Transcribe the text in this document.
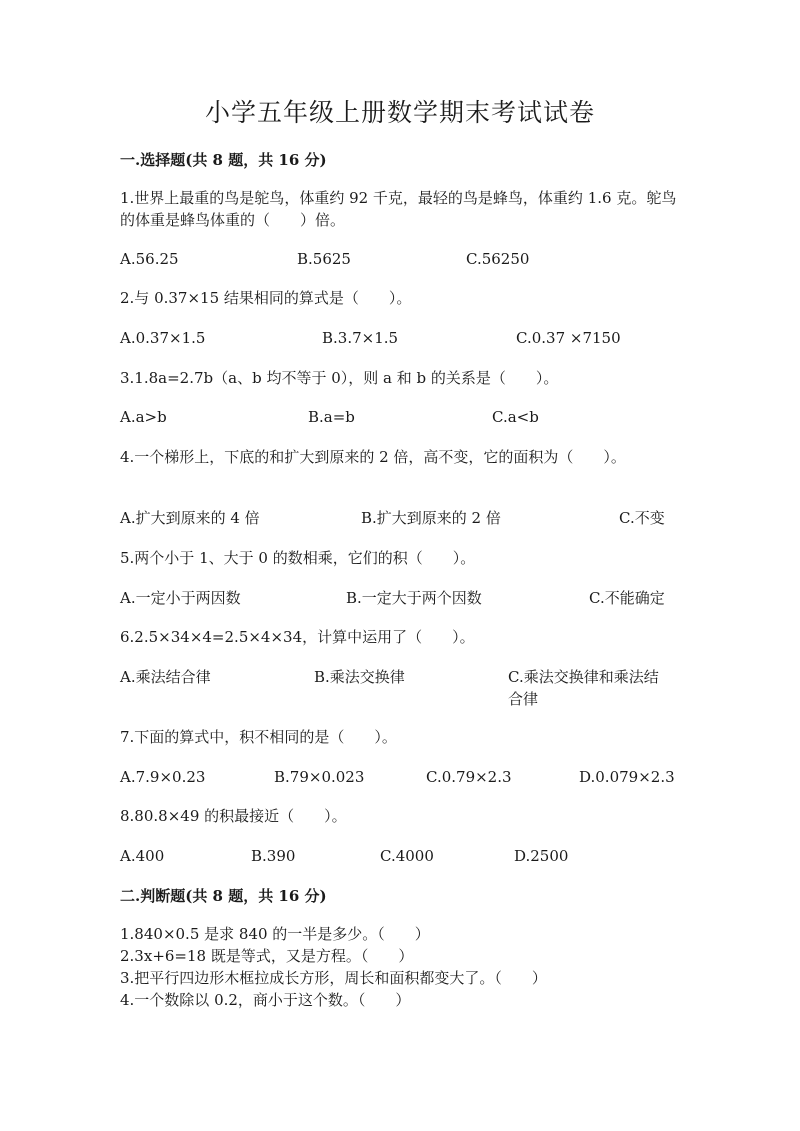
小学五年级上册数学期末考试试卷
一.选择题(共 8 题，共 16 分)
1.世界上最重的鸟是鸵鸟，体重约 92 千克，最轻的鸟是蜂鸟，体重约 1.6 克。鸵鸟的体重是蜂鸟体重的（　　）倍。
A.56.25	B.5625	C.56250
2.与 0.37×15 结果相同的算式是（　　）。
A.0.37×1.5	B.3.7×1.5	C.0.37 ×7150
3.1.8a=2.7b（a、b 均不等于 0），则 a 和 b 的关系是（　　）。
A.a>b	B.a=b	C.a<b
4.一个梯形上，下底的和扩大到原来的 2 倍，高不变，它的面积为（　　）。
A.扩大到原来的 4 倍	B.扩大到原来的 2 倍	C.不变
5.两个小于 1、大于 0 的数相乘，它们的积（　　）。
A.一定小于两因数	B.一定大于两个因数	C.不能确定
6.2.5×34×4=2.5×4×34，计算中运用了（　　）。
A.乘法结合律	B.乘法交换律	C.乘法交换律和乘法结合律
7.下面的算式中，积不相同的是（　　）。
A.7.9×0.23	B.79×0.023	C.0.79×2.3	D.0.079×2.3
8.80.8×49 的积最接近（　　）。
A.400	B.390	C.4000	D.2500
二.判断题(共 8 题，共 16 分)
1.840×0.5 是求 840 的一半是多少。（　　）
2.3x+6=18 既是等式，又是方程。（　　）
3.把平行四边形木框拉成长方形，周长和面积都变大了。（　　）
4.一个数除以 0.2，商小于这个数。（　　）
